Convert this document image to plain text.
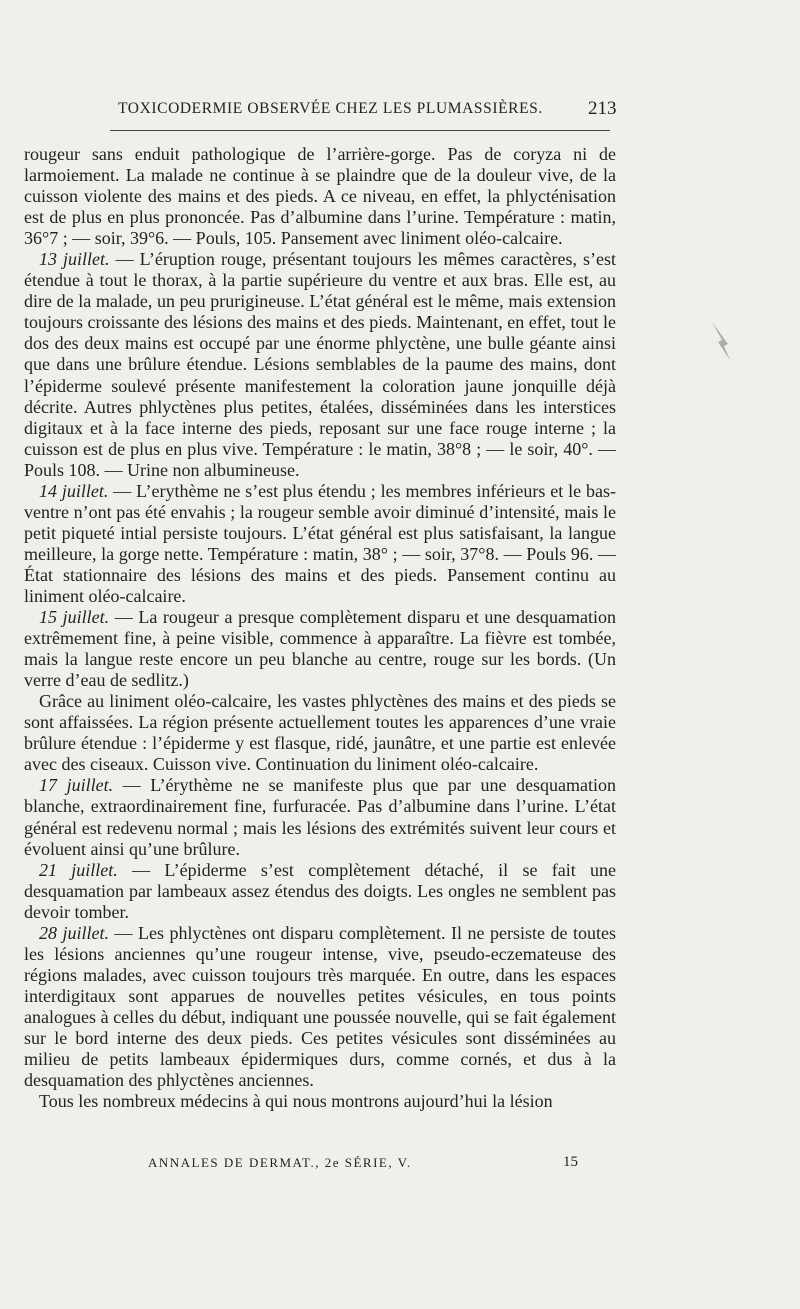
TOXICODERMIE OBSERVÉE CHEZ LES PLUMASSIÈRES.	213

rougeur sans enduit pathologique de l’arrière-gorge. Pas de coryza ni de larmoiement. La malade ne continue à se plaindre que de la douleur vive, de la cuisson violente des mains et des pieds. A ce niveau, en effet, la phlycténisation est de plus en plus prononcée. Pas d’albumine dans l’urine. Température : matin, 36°7 ; — soir, 39°6. — Pouls, 105. Pansement avec liniment oléo-calcaire.

13 juillet. — L’éruption rouge, présentant toujours les mêmes caractères, s’est étendue à tout le thorax, à la partie supérieure du ventre et aux bras. Elle est, au dire de la malade, un peu prurigineuse. L’état général est le même, mais extension toujours croissante des lésions des mains et des pieds. Maintenant, en effet, tout le dos des deux mains est occupé par une énorme phlyctène, une bulle géante ainsi que dans une brûlure étendue. Lésions semblables de la paume des mains, dont l’épiderme soulevé présente manifestement la coloration jaune jonquille déjà décrite. Autres phlyctènes plus petites, étalées, disséminées dans les interstices digitaux et à la face interne des pieds, reposant sur une face rouge interne ; la cuisson est de plus en plus vive. Température : le matin, 38°8 ; — le soir, 40°. — Pouls 108. — Urine non albumineuse.

14 juillet. — L’erythème ne s’est plus étendu ; les membres inférieurs et le bas-ventre n’ont pas été envahis ; la rougeur semble avoir diminué d’intensité, mais le petit piqueté intial persiste toujours. L’état général est plus satisfaisant, la langue meilleure, la gorge nette. Température : matin, 38° ; — soir, 37°8. — Pouls 96. — État stationnaire des lésions des mains et des pieds. Pansement continu au liniment oléo-calcaire.

15 juillet. — La rougeur a presque complètement disparu et une desquamation extrêmement fine, à peine visible, commence à apparaître. La fièvre est tombée, mais la langue reste encore un peu blanche au centre, rouge sur les bords. (Un verre d’eau de sedlitz.)

Grâce au liniment oléo-calcaire, les vastes phlyctènes des mains et des pieds se sont affaissées. La région présente actuellement toutes les apparences d’une vraie brûlure étendue : l’épiderme y est flasque, ridé, jaunâtre, et une partie est enlevée avec des ciseaux. Cuisson vive. Continuation du liniment oléo-calcaire.

17 juillet. — L’érythème ne se manifeste plus que par une desquamation blanche, extraordinairement fine, furfuracée. Pas d’albumine dans l’urine. L’état général est redevenu normal ; mais les lésions des extrémités suivent leur cours et évoluent ainsi qu’une brûlure.

21 juillet. — L’épiderme s’est complètement détaché, il se fait une desquamation par lambeaux assez étendus des doigts. Les ongles ne semblent pas devoir tomber.

28 juillet. — Les phlyctènes ont disparu complètement. Il ne persiste de toutes les lésions anciennes qu’une rougeur intense, vive, pseudo-eczemateuse des régions malades, avec cuisson toujours très marquée. En outre, dans les espaces interdigitaux sont apparues de nouvelles petites vésicules, en tous points analogues à celles du début, indiquant une poussée nouvelle, qui se fait également sur le bord interne des deux pieds. Ces petites vésicules sont disséminées au milieu de petits lambeaux épidermiques durs, comme cornés, et dus à la desquamation des phlyctènes anciennes.

Tous les nombreux médecins à qui nous montrons aujourd’hui la lésion

ANNALES DE DERMAT., 2e SÉRIE, V.	15
